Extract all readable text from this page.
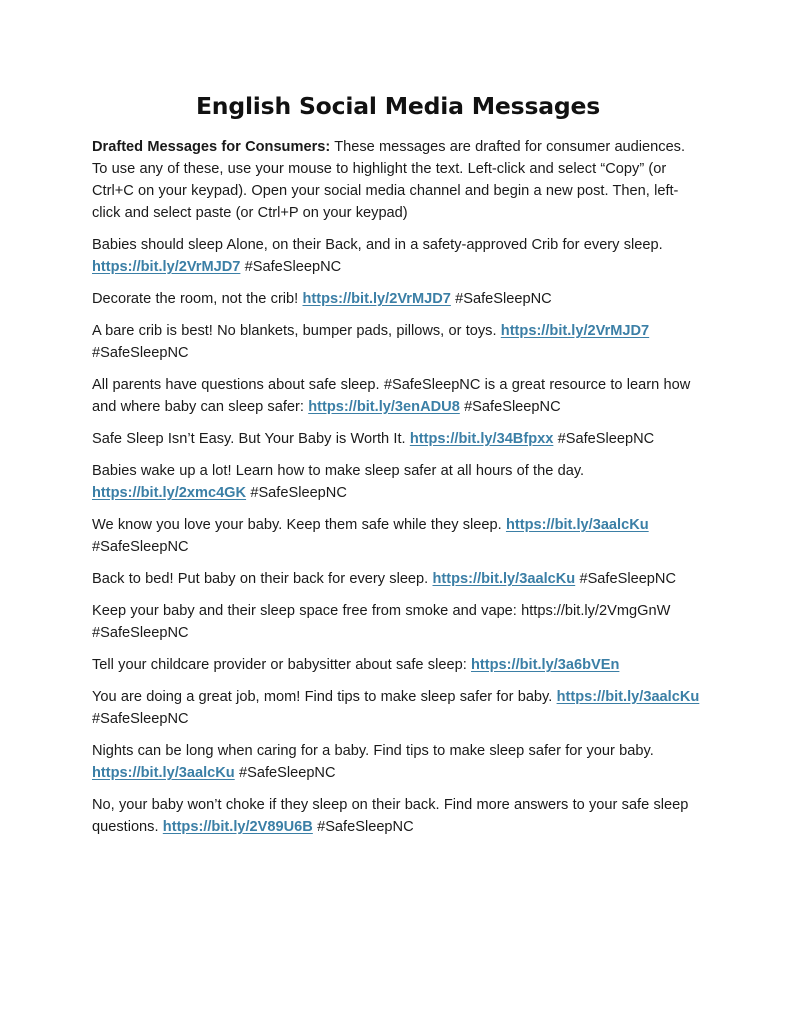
English Social Media Messages

Drafted Messages for Consumers: These messages are drafted for consumer audiences. To use any of these, use your mouse to highlight the text. Left-click and select “Copy” (or Ctrl+C on your keypad). Open your social media channel and begin a new post. Then, left-click and select paste (or Ctrl+P on your keypad)

Babies should sleep Alone, on their Back, and in a safety-approved Crib for every sleep. https://bit.ly/2VrMJD7 #SafeSleepNC

Decorate the room, not the crib! https://bit.ly/2VrMJD7 #SafeSleepNC

A bare crib is best! No blankets, bumper pads, pillows, or toys. https://bit.ly/2VrMJD7 #SafeSleepNC

All parents have questions about safe sleep. #SafeSleepNC is a great resource to learn how and where baby can sleep safer: https://bit.ly/3enADU8 #SafeSleepNC

Safe Sleep Isn’t Easy. But Your Baby is Worth It. https://bit.ly/34Bfpxx #SafeSleepNC

Babies wake up a lot! Learn how to make sleep safer at all hours of the day. https://bit.ly/2xmc4GK #SafeSleepNC

We know you love your baby. Keep them safe while they sleep. https://bit.ly/3aalcKu #SafeSleepNC

Back to bed! Put baby on their back for every sleep. https://bit.ly/3aalcKu #SafeSleepNC

Keep your baby and their sleep space free from smoke and vape: https://bit.ly/2VmgGnW #SafeSleepNC

Tell your childcare provider or babysitter about safe sleep: https://bit.ly/3a6bVEn

You are doing a great job, mom! Find tips to make sleep safer for baby. https://bit.ly/3aalcKu #SafeSleepNC

Nights can be long when caring for a baby. Find tips to make sleep safer for your baby. https://bit.ly/3aalcKu #SafeSleepNC

No, your baby won’t choke if they sleep on their back. Find more answers to your safe sleep questions. https://bit.ly/2V89U6B #SafeSleepNC
